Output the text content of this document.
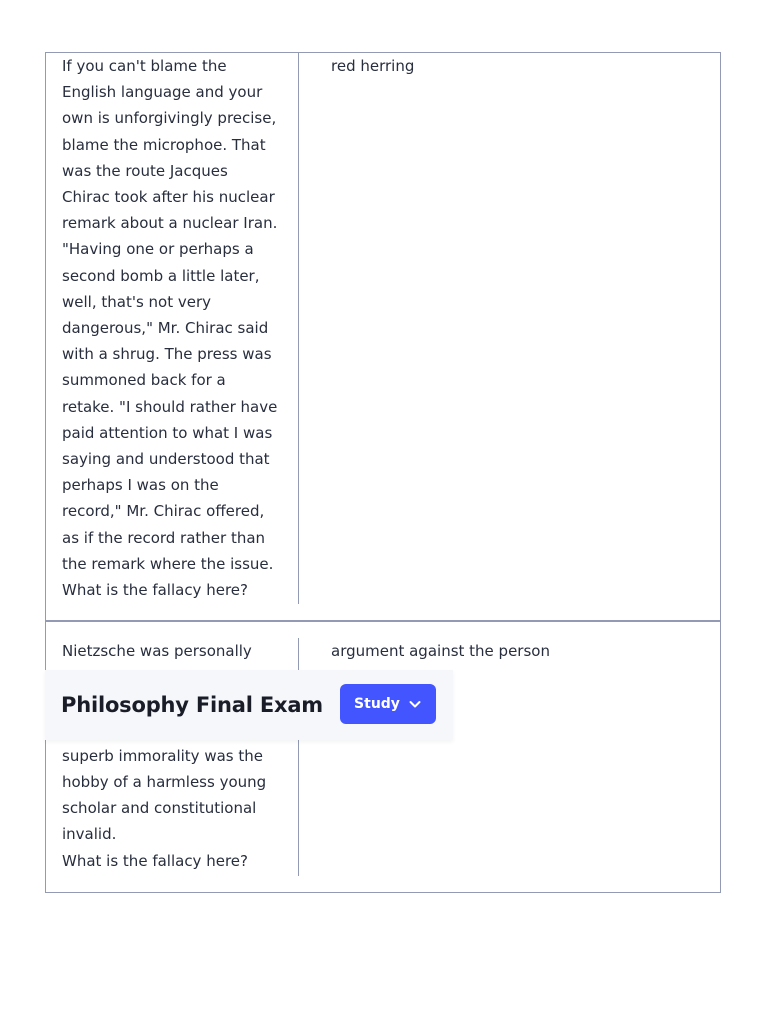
If you can't blame the
English language and your
own is unforgivingly precise,
blame the microphoe. That
was the route Jacques
Chirac took after his nuclear
remark about a nuclear Iran.
"Having one or perhaps a
second bomb a little later,
well, that's not very
dangerous," Mr. Chirac said
with a shrug. The press was
summoned back for a
retake. "I should rather have
paid attention to what I was
saying and understood that
perhaps I was on the
record," Mr. Chirac offered,
as if the record rather than
the remark where the issue.
What is the fallacy here?
red herring
Nietzsche was personally

superb immorality was the
hobby of a harmless young
scholar and constitutional
invalid.
What is the fallacy here?
argument against the person
Philosophy Final Exam Study
